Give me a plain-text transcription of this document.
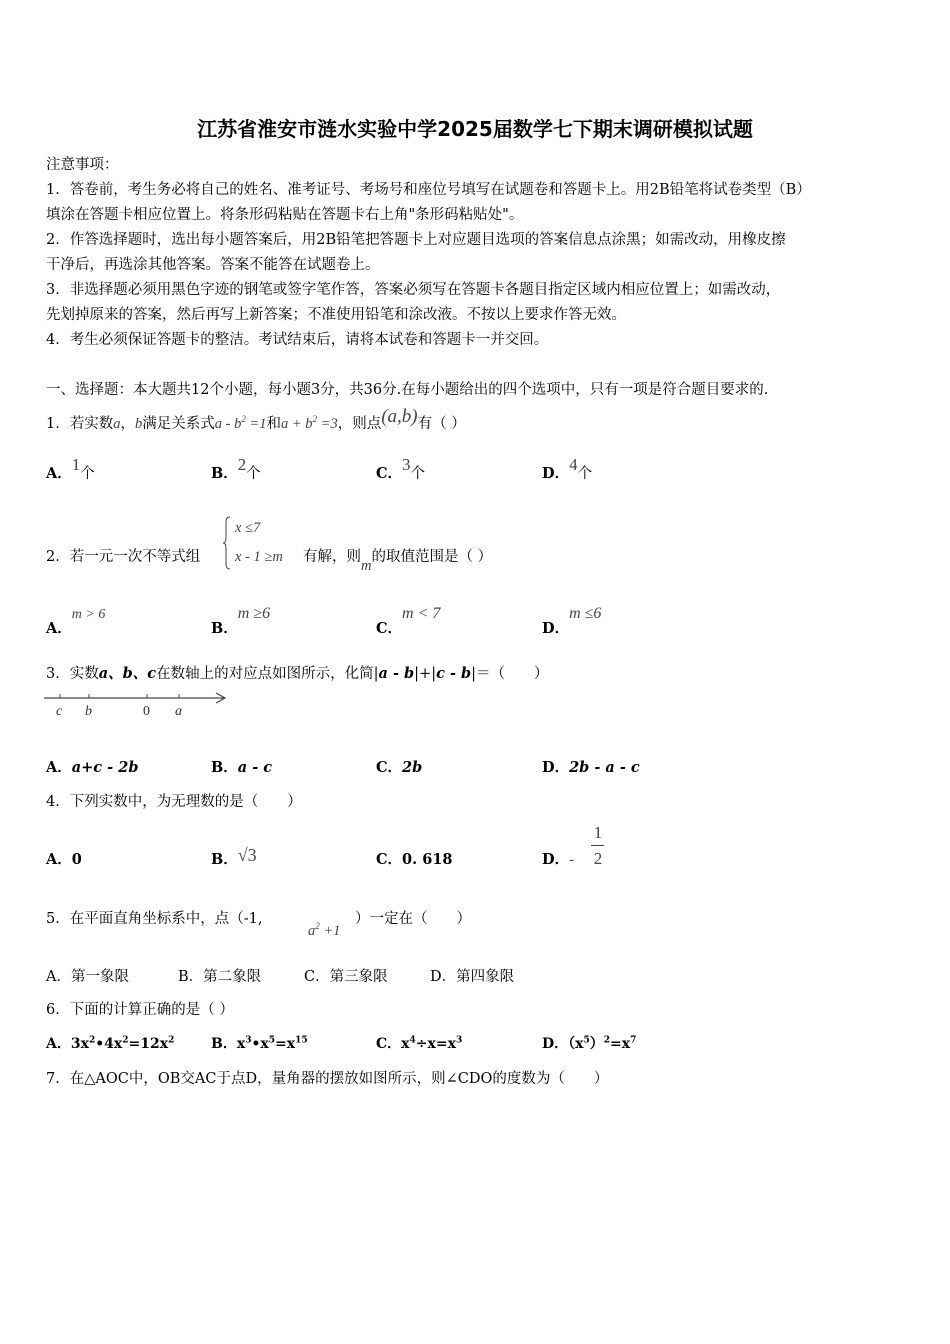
江苏省淮安市涟水实验中学2025届数学七下期末调研模拟试题
注意事项：
1．答卷前，考生务必将自己的姓名、准考证号、考场号和座位号填写在试题卷和答题卡上。用2B铅笔将试卷类型（B）
填涂在答题卡相应位置上。将条形码粘贴在答题卡右上角"条形码粘贴处"。
2．作答选择题时，选出每小题答案后，用2B铅笔把答题卡上对应题目选项的答案信息点涂黑；如需改动，用橡皮擦
干净后，再选涂其他答案。答案不能答在试题卷上。
3．非选择题必须用黑色字迹的钢笔或签字笔作答，答案必须写在答题卡各题目指定区域内相应位置上；如需改动，
先划掉原来的答案，然后再写上新答案；不准使用铅笔和涂改液。不按以上要求作答无效。
4．考生必须保证答题卡的整洁。考试结束后，请将本试卷和答题卡一并交回。
一、选择题：本大题共12个小题，每小题3分，共36分.在每小题给出的四个选项中，只有一项是符合题目要求的.
1．若实数a，b满足关系式$a - b^2 =1$和$a + b^2 =3$，则点(a,b)有（ ）
A．1个	B．2个	C．3个	D．4个
2．若一元一次不等式组
x ≤7
x - 1 ≥m 有解，则m的取值范围是（ ）
A．m > 6
B．m ≥6
C．m < 7
D．m ≤6
3．实数a、b、c在数轴上的对应点如图所示，化简|a - b|+|c - b|＝（　　）
c b	0 a
A．a+c - 2b	B．a - c	C．2b	D．2b - a - c
4．下列实数中，为无理数的是（　　）
A．0	B．√3	C．0. 618	D．-
1
2
5．在平面直角坐标系中，点（-1,
$a^2 +1$
）一定在（　　）
A．第一象限	B．第二象限	C．第三象限	D．第四象限
6．下面的计算正确的是（ ）
A．$3x^2•4x^2=12x^2$	B．$x^3•x^5=x^{15}$	C．$x^4\div x=x^3$	D．$(x^5)^2=x^7$
7．在△AOC中，OB交AC于点D，量角器的摆放如图所示，则∠CDO的度数为（　　）
